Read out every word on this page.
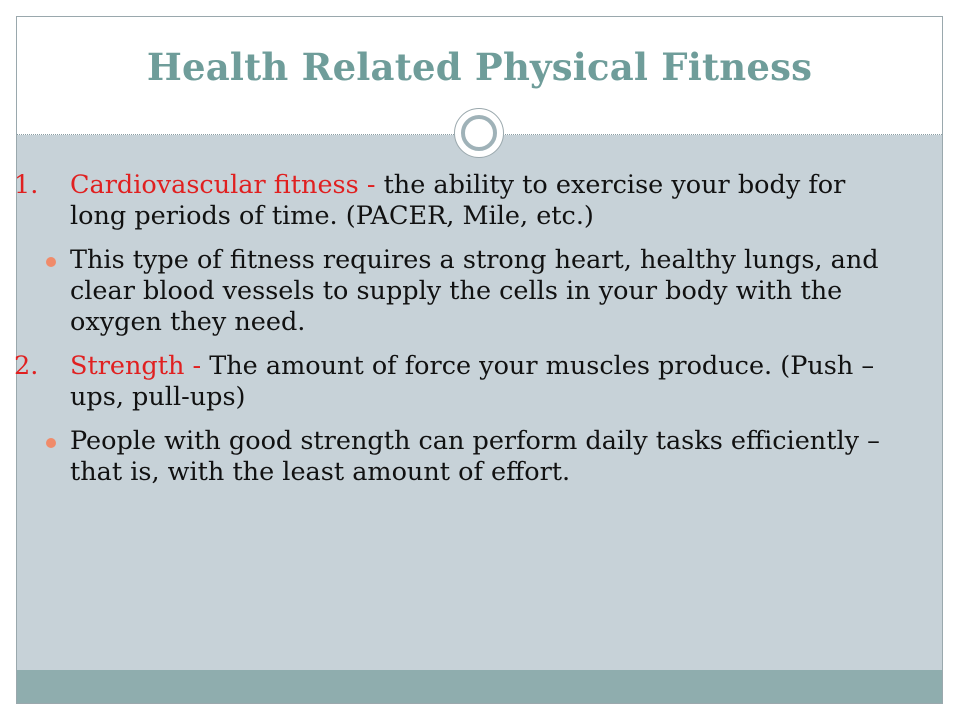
Health Related Physical Fitness

1. Cardiovascular fitness - the ability to exercise your body for long periods of time. (PACER, Mile, etc.)

This type of fitness requires a strong heart, healthy lungs, and clear blood vessels to supply the cells in your body with the oxygen they need.

2. Strength - The amount of force your muscles produce. (Push – ups, pull-ups)

People with good strength can perform daily tasks efficiently – that is, with the least amount of effort.
